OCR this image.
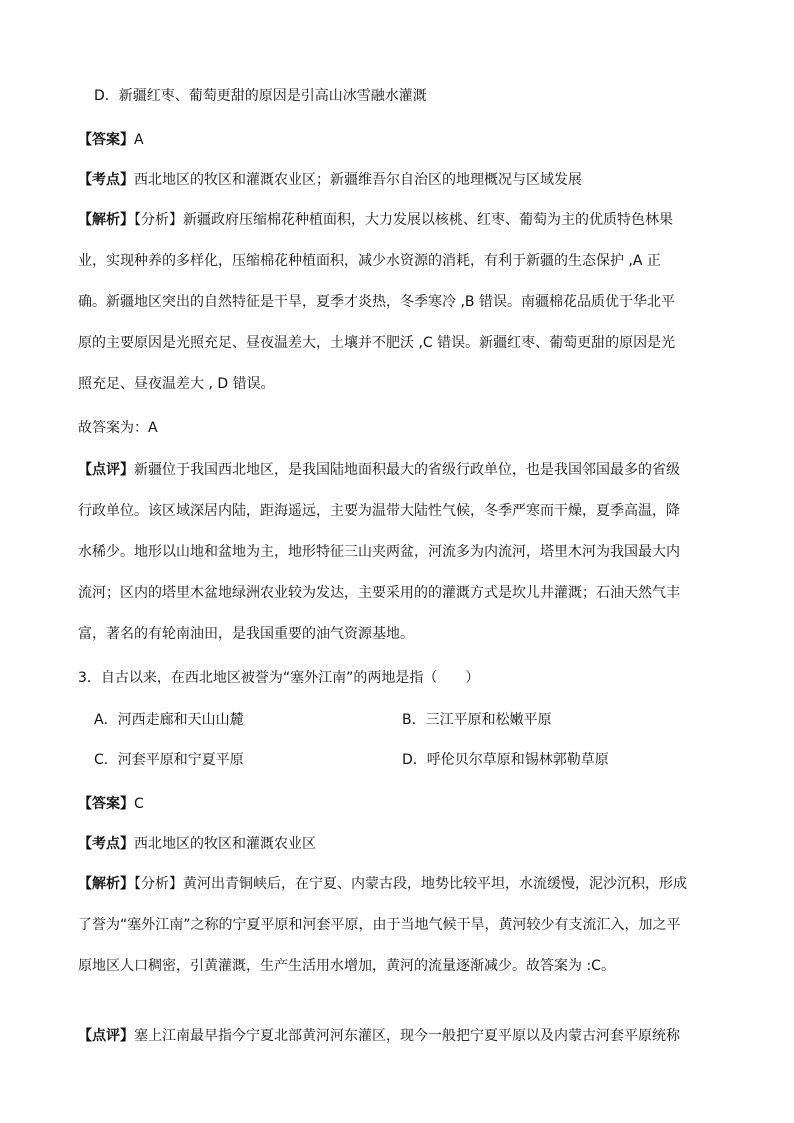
D．新疆红枣、葡萄更甜的原因是引高山冰雪融水灌溉
【答案】A
【考点】西北地区的牧区和灌溉农业区；新疆维吾尔自治区的地理概况与区域发展
【解析】【分析】新疆政府压缩棉花种植面积，大力发展以核桃、红枣、葡萄为主的优质特色林果
业，实现种养的多样化，压缩棉花种植面积，减少水资源的消耗，有利于新疆的生态保护 ,A 正
确。新疆地区突出的自然特征是干旱，夏季才炎热，冬季寒冷 ,B 错误。南疆棉花品质优于华北平
原的主要原因是光照充足、昼夜温差大，土壤并不肥沃 ,C 错误。新疆红枣、葡萄更甜的原因是光
照充足、昼夜温差大 , D 错误。
故答案为：A
【点评】新疆位于我国西北地区，是我国陆地面积最大的省级行政单位，也是我国邻国最多的省级
行政单位。该区域深居内陆，距海遥远，主要为温带大陆性气候，冬季严寒而干燥，夏季高温，降
水稀少。地形以山地和盆地为主，地形特征三山夹两盆，河流多为内流河，塔里木河为我国最大内
流河；区内的塔里木盆地绿洲农业较为发达，主要采用的的灌溉方式是坎儿井灌溉；石油天然气丰
富，著名的有轮南油田，是我国重要的油气资源基地。
3．自古以来，在西北地区被誉为“塞外江南”的两地是指（　　）
A．河西走廊和天山山麓	B．三江平原和松嫩平原
C．河套平原和宁夏平原	D．呼伦贝尔草原和锡林郭勒草原
【答案】C
【考点】西北地区的牧区和灌溉农业区
【解析】【分析】黄河出青铜峡后，在宁夏、内蒙古段，地势比较平坦，水流缓慢，泥沙沉积，形成
了誉为“塞外江南”之称的宁夏平原和河套平原，由于当地气候干旱，黄河较少有支流汇入，加之平
原地区人口稠密，引黄灌溉，生产生活用水增加，黄河的流量逐渐减少。故答案为 :C。
【点评】塞上江南最早指今宁夏北部黄河河东灌区，现今一般把宁夏平原以及内蒙古河套平原统称
